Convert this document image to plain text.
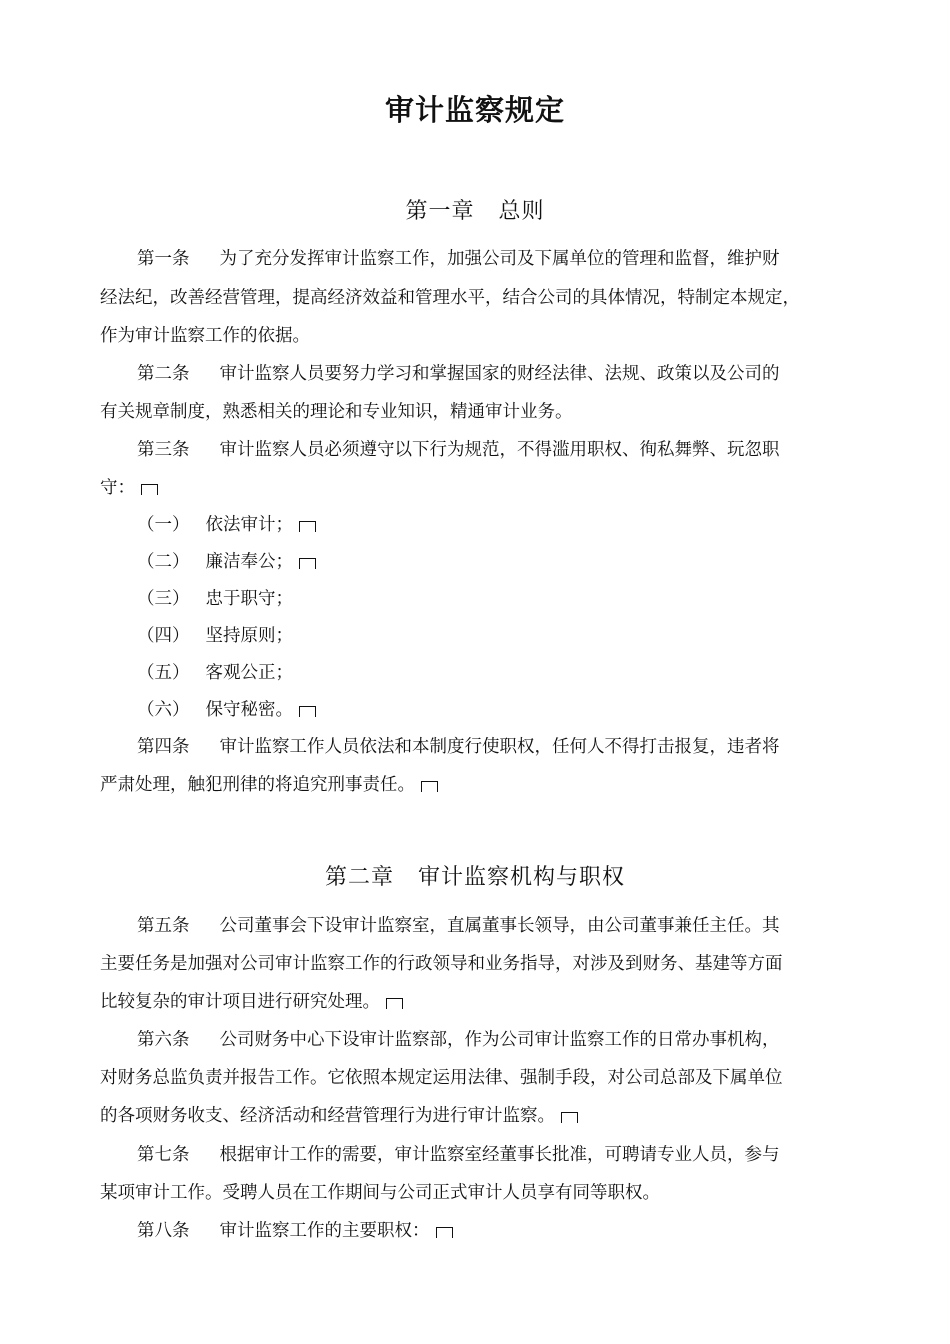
审计监察规定
第一章 总则
第一条 为了充分发挥审计监察工作，加强公司及下属单位的管理和监督，维护财
经法纪，改善经营管理，提高经济效益和管理水平，结合公司的具体情况，特制定本规定，
作为审计监察工作的依据。
第二条 审计监察人员要努力学习和掌握国家的财经法律、法规、政策以及公司的
有关规章制度，熟悉相关的理论和专业知识，精通审计业务。
第三条 审计监察人员必须遵守以下行为规范，不得滥用职权、徇私舞弊、玩忽职
守：
（一） 依法审计；
（二） 廉洁奉公；
（三） 忠于职守；
（四） 坚持原则；
（五） 客观公正；
（六） 保守秘密。
第四条 审计监察工作人员依法和本制度行使职权，任何人不得打击报复，违者将
严肃处理，触犯刑律的将追究刑事责任。
第二章 审计监察机构与职权
第五条 公司董事会下设审计监察室，直属董事长领导，由公司董事兼任主任。其
主要任务是加强对公司审计监察工作的行政领导和业务指导，对涉及到财务、基建等方面
比较复杂的审计项目进行研究处理。
第六条 公司财务中心下设审计监察部，作为公司审计监察工作的日常办事机构，
对财务总监负责并报告工作。它依照本规定运用法律、强制手段，对公司总部及下属单位
的各项财务收支、经济活动和经营管理行为进行审计监察。
第七条 根据审计工作的需要，审计监察室经董事长批准，可聘请专业人员，参与
某项审计工作。受聘人员在工作期间与公司正式审计人员享有同等职权。
第八条 审计监察工作的主要职权：
